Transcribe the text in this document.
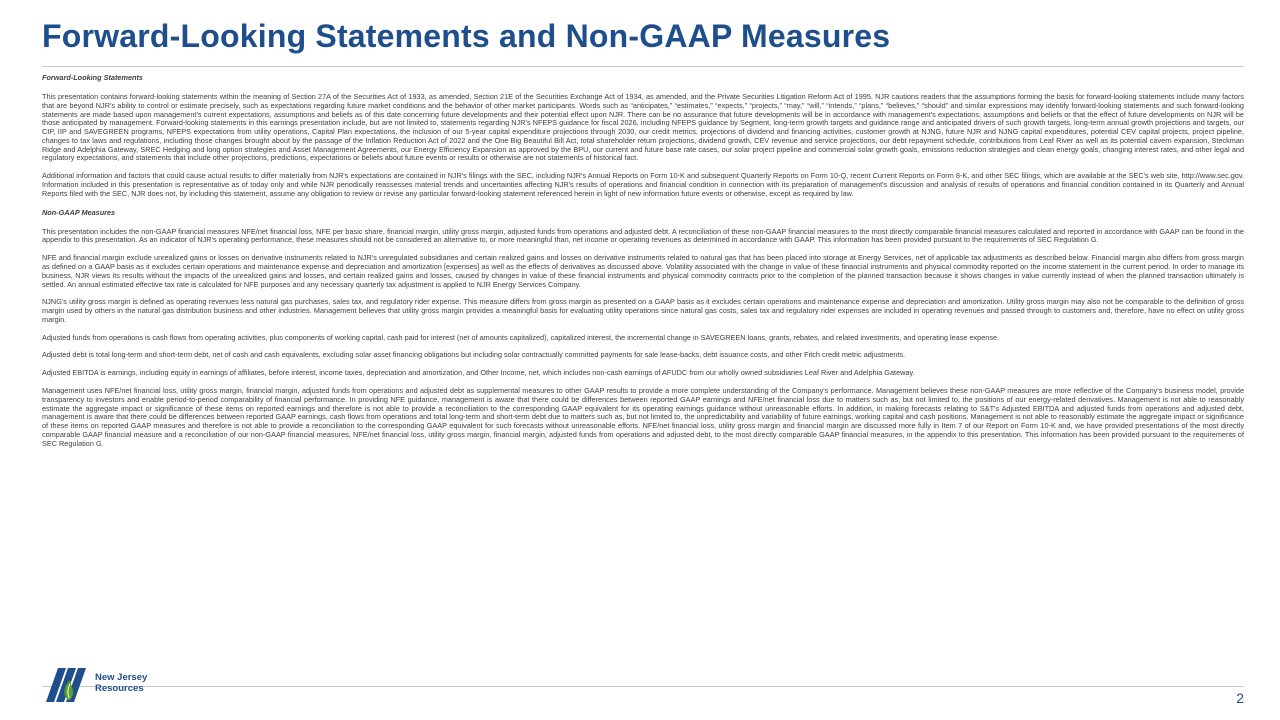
Forward-Looking Statements and Non-GAAP Measures

Forward-Looking Statements

This presentation contains forward-looking statements within the meaning of Section 27A of the Securities Act of 1933, as amended, Section 21E of the Securities Exchange Act of 1934, as amended, and the Private Securities Litigation Reform Act of 1995. NJR cautions readers that the assumptions forming the basis for forward-looking statements include many factors that are beyond NJR's ability to control or estimate precisely, such as expectations regarding future market conditions and the behavior of other market participants. Words such as “anticipates,” “estimates,” “expects,” “projects,” “may,” “will,” “intends,” “plans,” “believes,” “should” and similar expressions may identify forward-looking statements and such forward-looking statements are made based upon management's current expectations, assumptions and beliefs as of this date concerning future developments and their potential effect upon NJR. There can be no assurance that future developments will be in accordance with management's expectations, assumptions and beliefs or that the effect of future developments on NJR will be those anticipated by management. Forward-looking statements in this earnings presentation include, but are not limited to, statements regarding NJR's NFEPS guidance for fiscal 2026, including NFEPS guidance by Segment, long-term growth targets and guidance range and anticipated drivers of such growth targets, long-term annual growth projections and targets, our CIP, IIP and SAVEGREEN programs, NFEPS expectations from utility operations, Capital Plan expectations, the inclusion of our 5-year capital expenditure projections through 2030, our credit metrics, projections of dividend and financing activities, customer growth at NJNG, future NJR and NJNG capital expenditures, potential CEV capital projects, project pipeline, changes to tax laws and regulations, including those changes brought about by the passage of the Inflation Reduction Act of 2022 and the One Big Beautiful Bill Act, total shareholder return projections, dividend growth, CEV revenue and service projections, our debt repayment schedule, contributions from Leaf River as well as its potential cavern expansion, Steckman Ridge and Adelphia Gateway, SREC Hedging and long option strategies and Asset Management Agreements, our Energy Efficiency Expansion as approved by the BPU, our current and future base rate cases, our solar project pipeline and commercial solar growth goals, emissions reduction strategies and clean energy goals, changing interest rates, and other legal and regulatory expectations, and statements that include other projections, predictions, expectations or beliefs about future events or results or otherwise are not statements of historical fact.

Additional information and factors that could cause actual results to differ materially from NJR's expectations are contained in NJR's filings with the SEC, including NJR's Annual Reports on Form 10-K and subsequent Quarterly Reports on Form 10-Q, recent Current Reports on Form 8-K, and other SEC filings, which are available at the SEC's web site, http://www.sec.gov. Information included in this presentation is representative as of today only and while NJR periodically reassesses material trends and uncertainties affecting NJR's results of operations and financial condition in connection with its preparation of management's discussion and analysis of results of operations and financial condition contained in its Quarterly and Annual Reports filed with the SEC, NJR does not, by including this statement, assume any obligation to review or revise any particular forward-looking statement referenced herein in light of new information future events or otherwise, except as required by law.

Non-GAAP Measures

This presentation includes the non-GAAP financial measures NFE/net financial loss, NFE per basic share, financial margin, utility gross margin, adjusted funds from operations and adjusted debt. A reconciliation of these non-GAAP financial measures to the most directly comparable financial measures calculated and reported in accordance with GAAP can be found in the appendix to this presentation. As an indicator of NJR's operating performance, these measures should not be considered an alternative to, or more meaningful than, net income or operating revenues as determined in accordance with GAAP. This information has been provided pursuant to the requirements of SEC Regulation G.

NFE and financial margin exclude unrealized gains or losses on derivative instruments related to NJR's unregulated subsidiaries and certain realized gains and losses on derivative instruments related to natural gas that has been placed into storage at Energy Services, net of applicable tax adjustments as described below. Financial margin also differs from gross margin as defined on a GAAP basis as it excludes certain operations and maintenance expense and depreciation and amortization [expenses] as well as the effects of derivatives as discussed above. Volatility associated with the change in value of these financial instruments and physical commodity reported on the income statement in the current period. In order to manage its business, NJR views its results without the impacts of the unrealized gains and losses, and certain realized gains and losses, caused by changes in value of these financial instruments and physical commodity contracts prior to the completion of the planned transaction because it shows changes in value currently instead of when the planned transaction ultimately is settled. An annual estimated effective tax rate is calculated for NFE purposes and any necessary quarterly tax adjustment is applied to NJR Energy Services Company.

NJNG's utility gross margin is defined as operating revenues less natural gas purchases, sales tax, and regulatory rider expense. This measure differs from gross margin as presented on a GAAP basis as it excludes certain operations and maintenance expense and depreciation and amortization. Utility gross margin may also not be comparable to the definition of gross margin used by others in the natural gas distribution business and other industries. Management believes that utility gross margin provides a meaningful basis for evaluating utility operations since natural gas costs, sales tax and regulatory rider expenses are included in operating revenues and passed through to customers and, therefore, have no effect on utility gross margin.

Adjusted funds from operations is cash flows from operating activities, plus components of working capital, cash paid for interest (net of amounts capitalized), capitalized interest, the incremental change in SAVEGREEN loans, grants, rebates, and related investments, and operating lease expense.

Adjusted debt is total long-term and short-term debt, net of cash and cash equivalents, excluding solar asset financing obligations but including solar contractually committed payments for sale lease-backs, debt issuance costs, and other Fitch credit metric adjustments.

Adjusted EBITDA is earnings, including equity in earnings of affiliates, before interest, income taxes, depreciation and amortization, and Other Income, net, which includes non-cash earnings of AFUDC from our wholly owned subsidiaries Leaf River and Adelphia Gateway.

Management uses NFE/net financial loss, utility gross margin, financial margin, adjusted funds from operations and adjusted debt as supplemental measures to other GAAP results to provide a more complete understanding of the Company's performance. Management believes these non-GAAP measures are more reflective of the Company's business model, provide transparency to investors and enable period-to-period comparability of financial performance. In providing NFE guidance, management is aware that there could be differences between reported GAAP earnings and NFE/net financial loss due to matters such as, but not limited to, the positions of our energy-related derivatives. Management is not able to reasonably estimate the aggregate impact or significance of these items on reported earnings and therefore is not able to provide a reconciliation to the corresponding GAAP equivalent for its operating earnings guidance without unreasonable efforts. In addition, in making forecasts relating to S&T's Adjusted EBITDA and adjusted funds from operations and adjusted debt, management is aware that there could be differences between reported GAAP earnings, cash flows from operations and total long-term and short-term debt due to matters such as, but not limited to, the unpredictability and variability of future earnings, working capital and cash positions. Management is not able to reasonably estimate the aggregate impact or significance of these items on reported GAAP measures and therefore is not able to provide a reconciliation to the corresponding GAAP equivalent for such forecasts without unreasonable efforts. NFE/net financial loss, utility gross margin and financial margin are discussed more fully in Item 7 of our Report on Form 10-K and, we have provided presentations of the most directly comparable GAAP financial measure and a reconciliation of our non-GAAP financial measures, NFE/net financial loss, utility gross margin, financial margin, adjusted funds from operations and adjusted debt, to the most directly comparable GAAP financial measures, in the appendix to this presentation. This information has been provided pursuant to the requirements of SEC Regulation G.

New Jersey
Resources

2
